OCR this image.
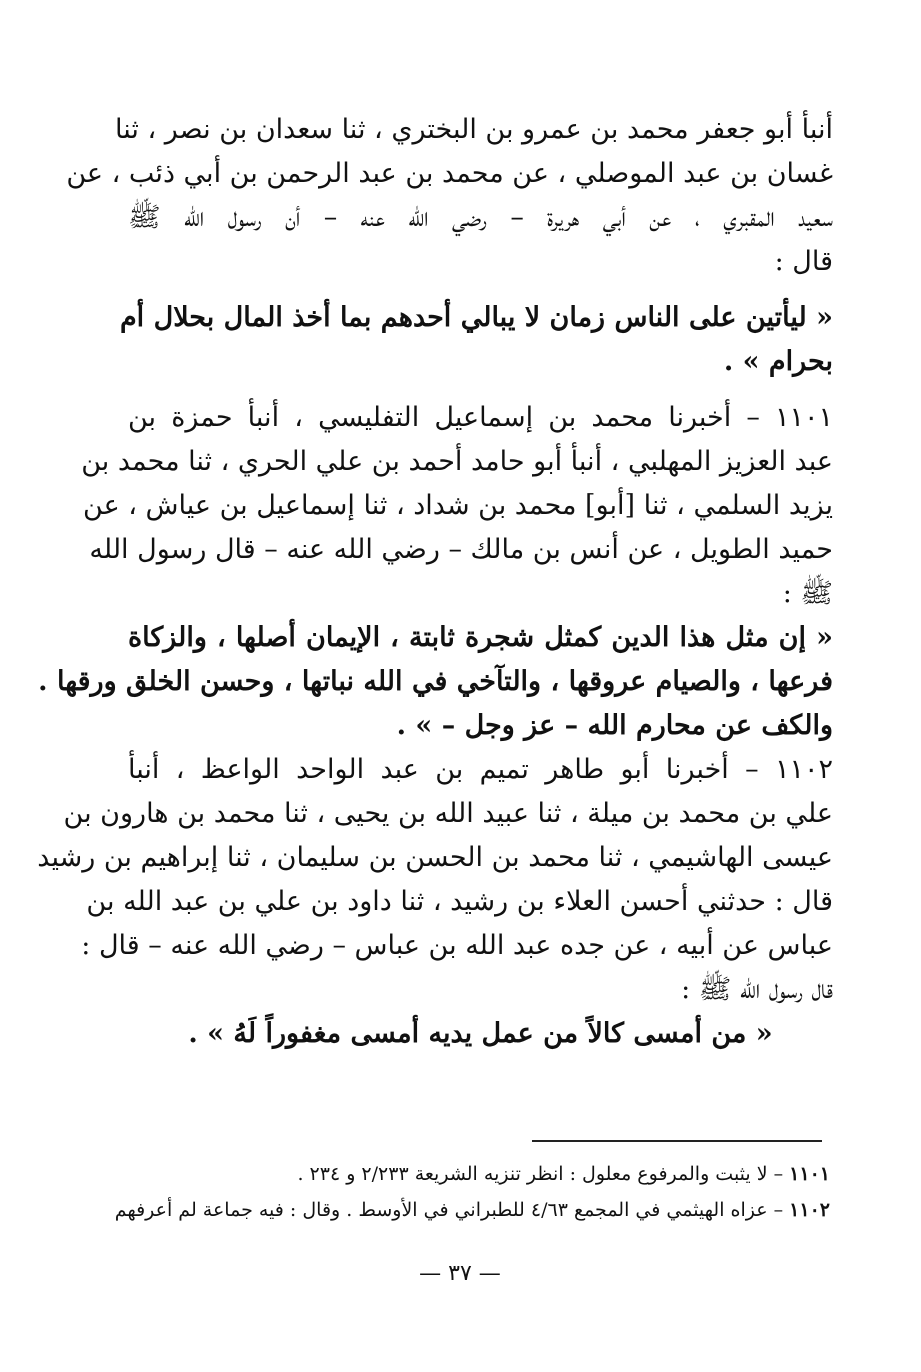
أنبأ أبو جعفر محمد بن عمرو بن البختري ، ثنا سعدان بن نصر ، ثنا
غسان بن عبد الموصلي ، عن محمد بن عبد الرحمن بن أبي ذئب ، عن
سعيد المقبري ، عن أبي هريرة – رضي الله عنه – أن رسول الله ﷺ
قال :
« ليأتين على الناس زمان لا يبالي أحدهم بما أخذ المال بحلال أم
بحرام » .
١١٠١ – أخبرنا محمد بن إسماعيل التفليسي ، أنبأ حمزة بن
عبد العزيز المهلبي ، أنبأ أبو حامد أحمد بن علي الحري ، ثنا محمد بن
يزيد السلمي ، ثنا [أبو] محمد بن شداد ، ثنا إسماعيل بن عياش ، عن
حميد الطويل ، عن أنس بن مالك – رضي الله عنه – قال رسول الله
ﷺ :
« إن مثل هذا الدين كمثل شجرة ثابتة ، الإيمان أصلها ، والزكاة
فرعها ، والصيام عروقها ، والتآخي في الله نباتها ، وحسن الخلق ورقها .
والكف عن محارم الله – عز وجل – » .
١١٠٢ – أخبرنا أبو طاهر تميم بن عبد الواحد الواعظ ، أنبأ
علي بن محمد بن ميلة ، ثنا عبيد الله بن يحيى ، ثنا محمد بن هارون بن
عيسى الهاشيمي ، ثنا محمد بن الحسن بن سليمان ، ثنا إبراهيم بن رشيد
قال : حدثني أحسن العلاء بن رشيد ، ثنا داود بن علي بن عبد الله بن
عباس عن أبيه ، عن جده عبد الله بن عباس – رضي الله عنه – قال :
قال رسول الله ﷺ :
« من أمسى كالاً من عمل يديه أمسى مغفوراً لَهُ » .
١١٠١ – لا يثبت والمرفوع معلول : انظر تنزيه الشريعة ٢/٢٣٣ و ٢٣٤ .
١١٠٢ – عزاه الهيثمي في المجمع ٤/٦٣ للطبراني في الأوسط . وقال : فيه جماعة لم أعرفهم
— ٣٧ —
